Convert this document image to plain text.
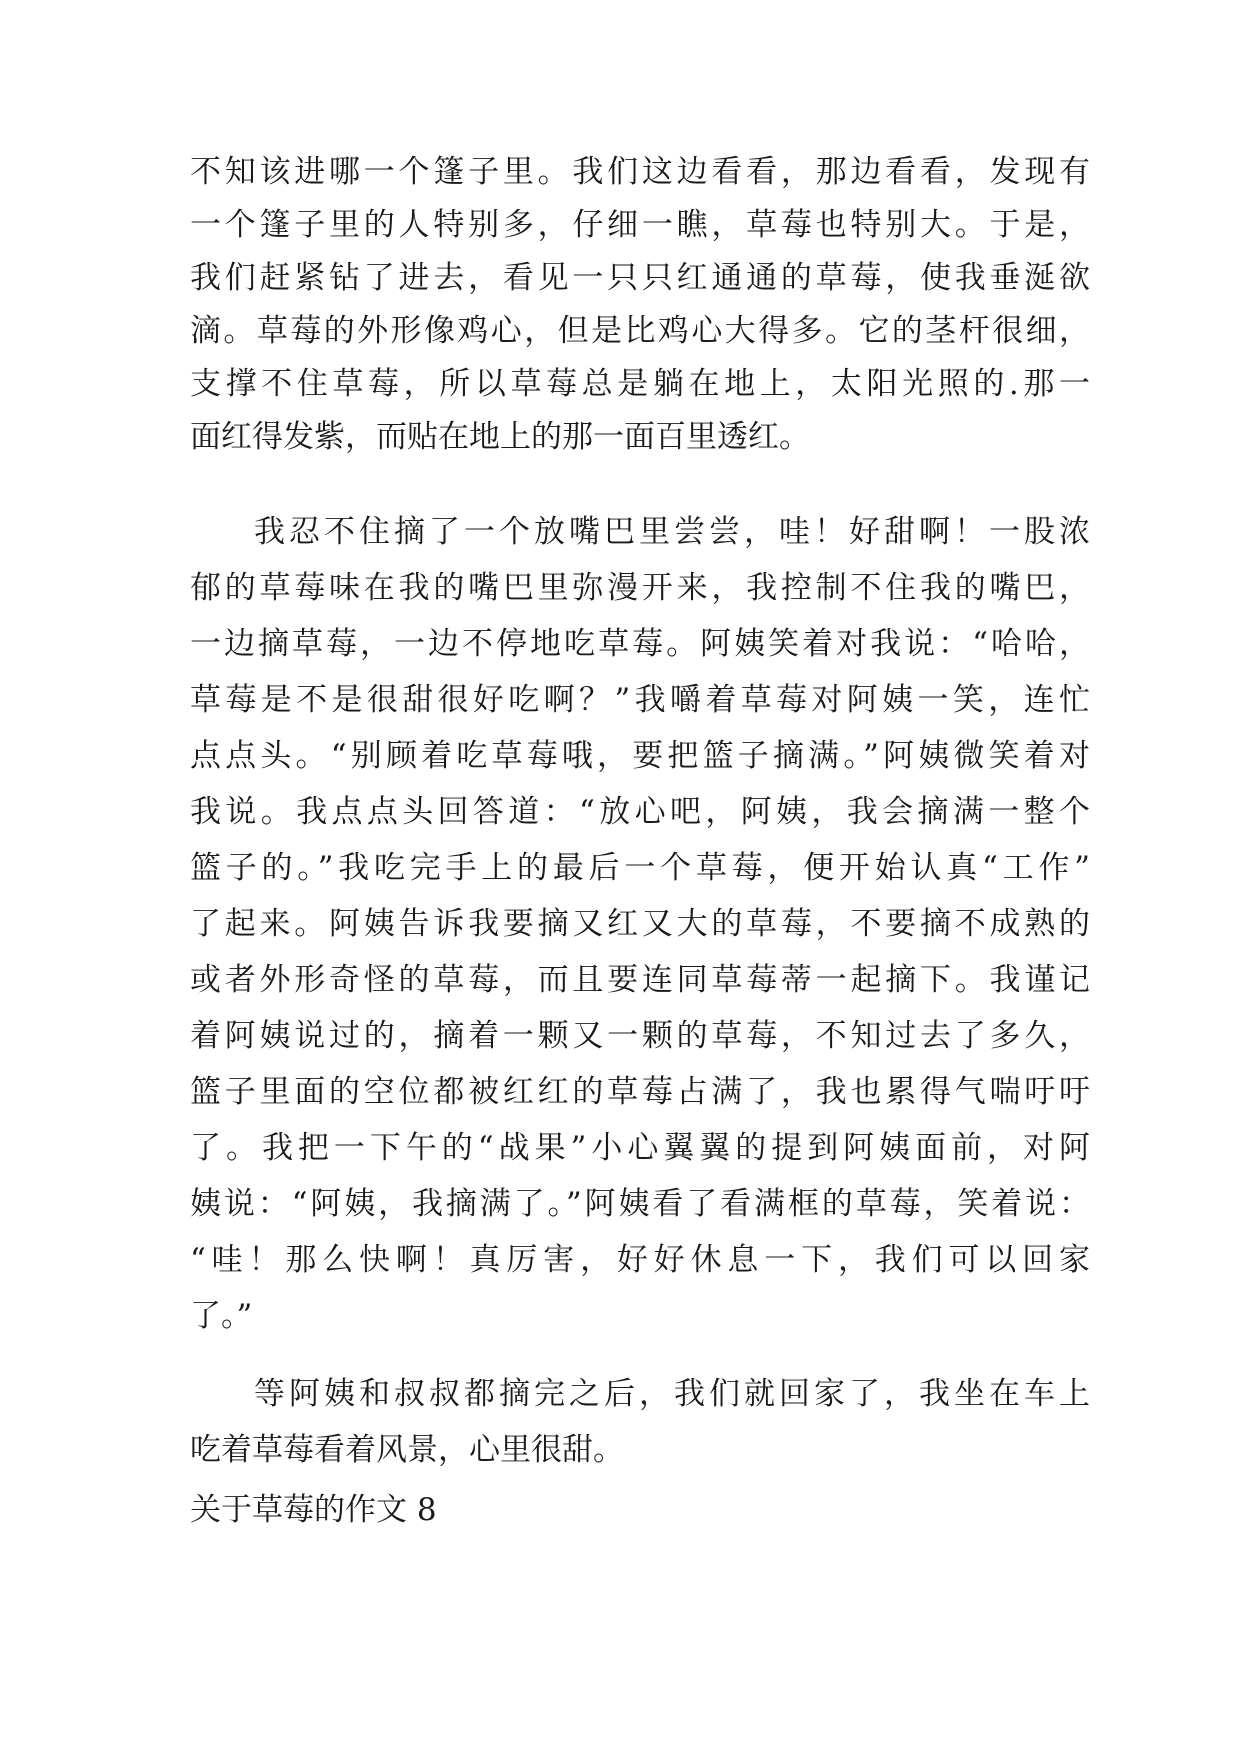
不知该进哪一个篷子里。我们这边看看，那边看看，发现有
一个篷子里的人特别多，仔细一瞧，草莓也特别大。于是，
我们赶紧钻了进去，看见一只只红通通的草莓，使我垂涎欲
滴。草莓的外形像鸡心，但是比鸡心大得多。它的茎杆很细，
支撑不住草莓，所以草莓总是躺在地上，太阳光照的.那一
面红得发紫，而贴在地上的那一面百里透红。
我忍不住摘了一个放嘴巴里尝尝，哇！好甜啊！一股浓
郁的草莓味在我的嘴巴里弥漫开来，我控制不住我的嘴巴，
一边摘草莓，一边不停地吃草莓。阿姨笑着对我说：“哈哈，
草莓是不是很甜很好吃啊？”我嚼着草莓对阿姨一笑，连忙
点点头。“别顾着吃草莓哦，要把篮子摘满。”阿姨微笑着对
我说。我点点头回答道：“放心吧，阿姨，我会摘满一整个
篮子的。”我吃完手上的最后一个草莓，便开始认真“工作”
了起来。阿姨告诉我要摘又红又大的草莓，不要摘不成熟的
或者外形奇怪的草莓，而且要连同草莓蒂一起摘下。我谨记
着阿姨说过的，摘着一颗又一颗的草莓，不知过去了多久，
篮子里面的空位都被红红的草莓占满了，我也累得气喘吁吁
了。我把一下午的“战果”小心翼翼的提到阿姨面前，对阿
姨说：“阿姨，我摘满了。”阿姨看了看满框的草莓，笑着说：
“哇！那么快啊！真厉害，好好休息一下，我们可以回家
了。”
等阿姨和叔叔都摘完之后，我们就回家了，我坐在车上
吃着草莓看着风景，心里很甜。
关于草莓的作文 8
